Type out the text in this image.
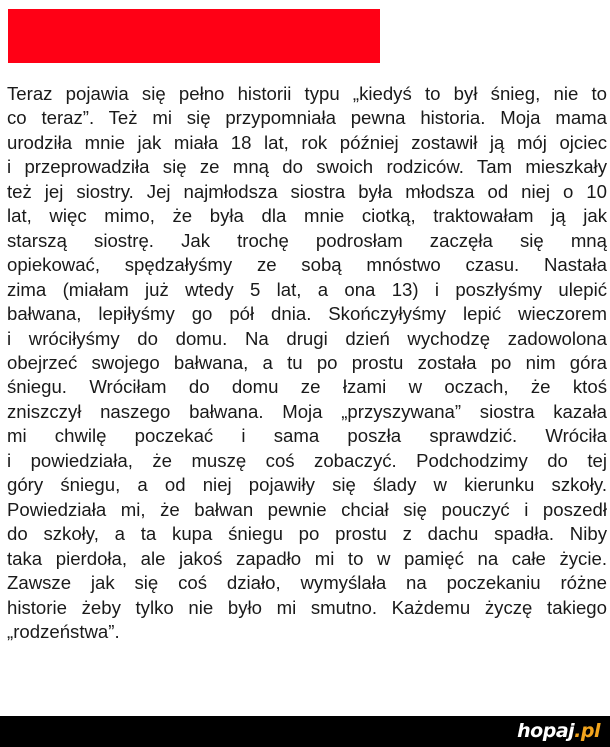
Teraz pojawia się pełno historii typu „kiedyś to był śnieg, nie to
co teraz”. Też mi się przypomniała pewna historia. Moja mama
urodziła mnie jak miała 18 lat, rok później zostawił ją mój ojciec
i przeprowadziła się ze mną do swoich rodziców. Tam mieszkały
też jej siostry. Jej najmłodsza siostra była młodsza od niej o 10
lat, więc mimo, że była dla mnie ciotką, traktowałam ją jak
starszą siostrę. Jak trochę podrosłam zaczęła się mną
opiekować, spędzałyśmy ze sobą mnóstwo czasu. Nastała
zima (miałam już wtedy 5 lat, a ona 13) i poszłyśmy ulepić
bałwana, lepiłyśmy go pół dnia. Skończyłyśmy lepić wieczorem
i wróciłyśmy do domu. Na drugi dzień wychodzę zadowolona
obejrzeć swojego bałwana, a tu po prostu została po nim góra
śniegu. Wróciłam do domu ze łzami w oczach, że ktoś
zniszczył naszego bałwana. Moja „przyszywana” siostra kazała
mi chwilę poczekać i sama poszła sprawdzić. Wróciła
i powiedziała, że muszę coś zobaczyć. Podchodzimy do tej
góry śniegu, a od niej pojawiły się ślady w kierunku szkoły.
Powiedziała mi, że bałwan pewnie chciał się pouczyć i poszedł
do szkoły, a ta kupa śniegu po prostu z dachu spadła. Niby
taka pierdoła, ale jakoś zapadło mi to w pamięć na całe życie.
Zawsze jak się coś działo, wymyślała na poczekaniu różne
historie żeby tylko nie było mi smutno. Każdemu życzę takiego
„rodzeństwa”.

hopaj.pl
